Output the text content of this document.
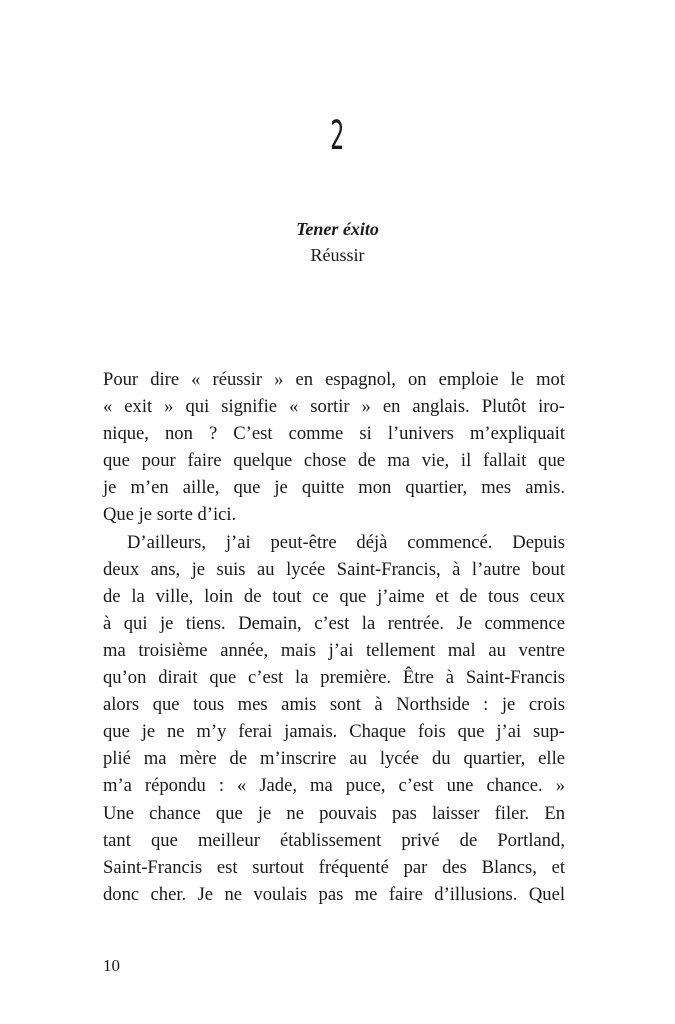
2
Tener éxito
Réussir
Pour dire « réussir » en espagnol, on emploie le mot
« exit » qui signifie « sortir » en anglais. Plutôt iro-
nique, non ? C’est comme si l’univers m’expliquait
que pour faire quelque chose de ma vie, il fallait que
je m’en aille, que je quitte mon quartier, mes amis.
Que je sorte d’ici.
D’ailleurs, j’ai peut-être déjà commencé. Depuis
deux ans, je suis au lycée Saint-Francis, à l’autre bout
de la ville, loin de tout ce que j’aime et de tous ceux
à qui je tiens. Demain, c’est la rentrée. Je commence
ma troisième année, mais j’ai tellement mal au ventre
qu’on dirait que c’est la première. Être à Saint-Francis
alors que tous mes amis sont à Northside : je crois
que je ne m’y ferai jamais. Chaque fois que j’ai sup-
plié ma mère de m’inscrire au lycée du quartier, elle
m’a répondu : « Jade, ma puce, c’est une chance. »
Une chance que je ne pouvais pas laisser filer. En
tant que meilleur établissement privé de Portland,
Saint-Francis est surtout fréquenté par des Blancs, et
donc cher. Je ne voulais pas me faire d’illusions. Quel
10
